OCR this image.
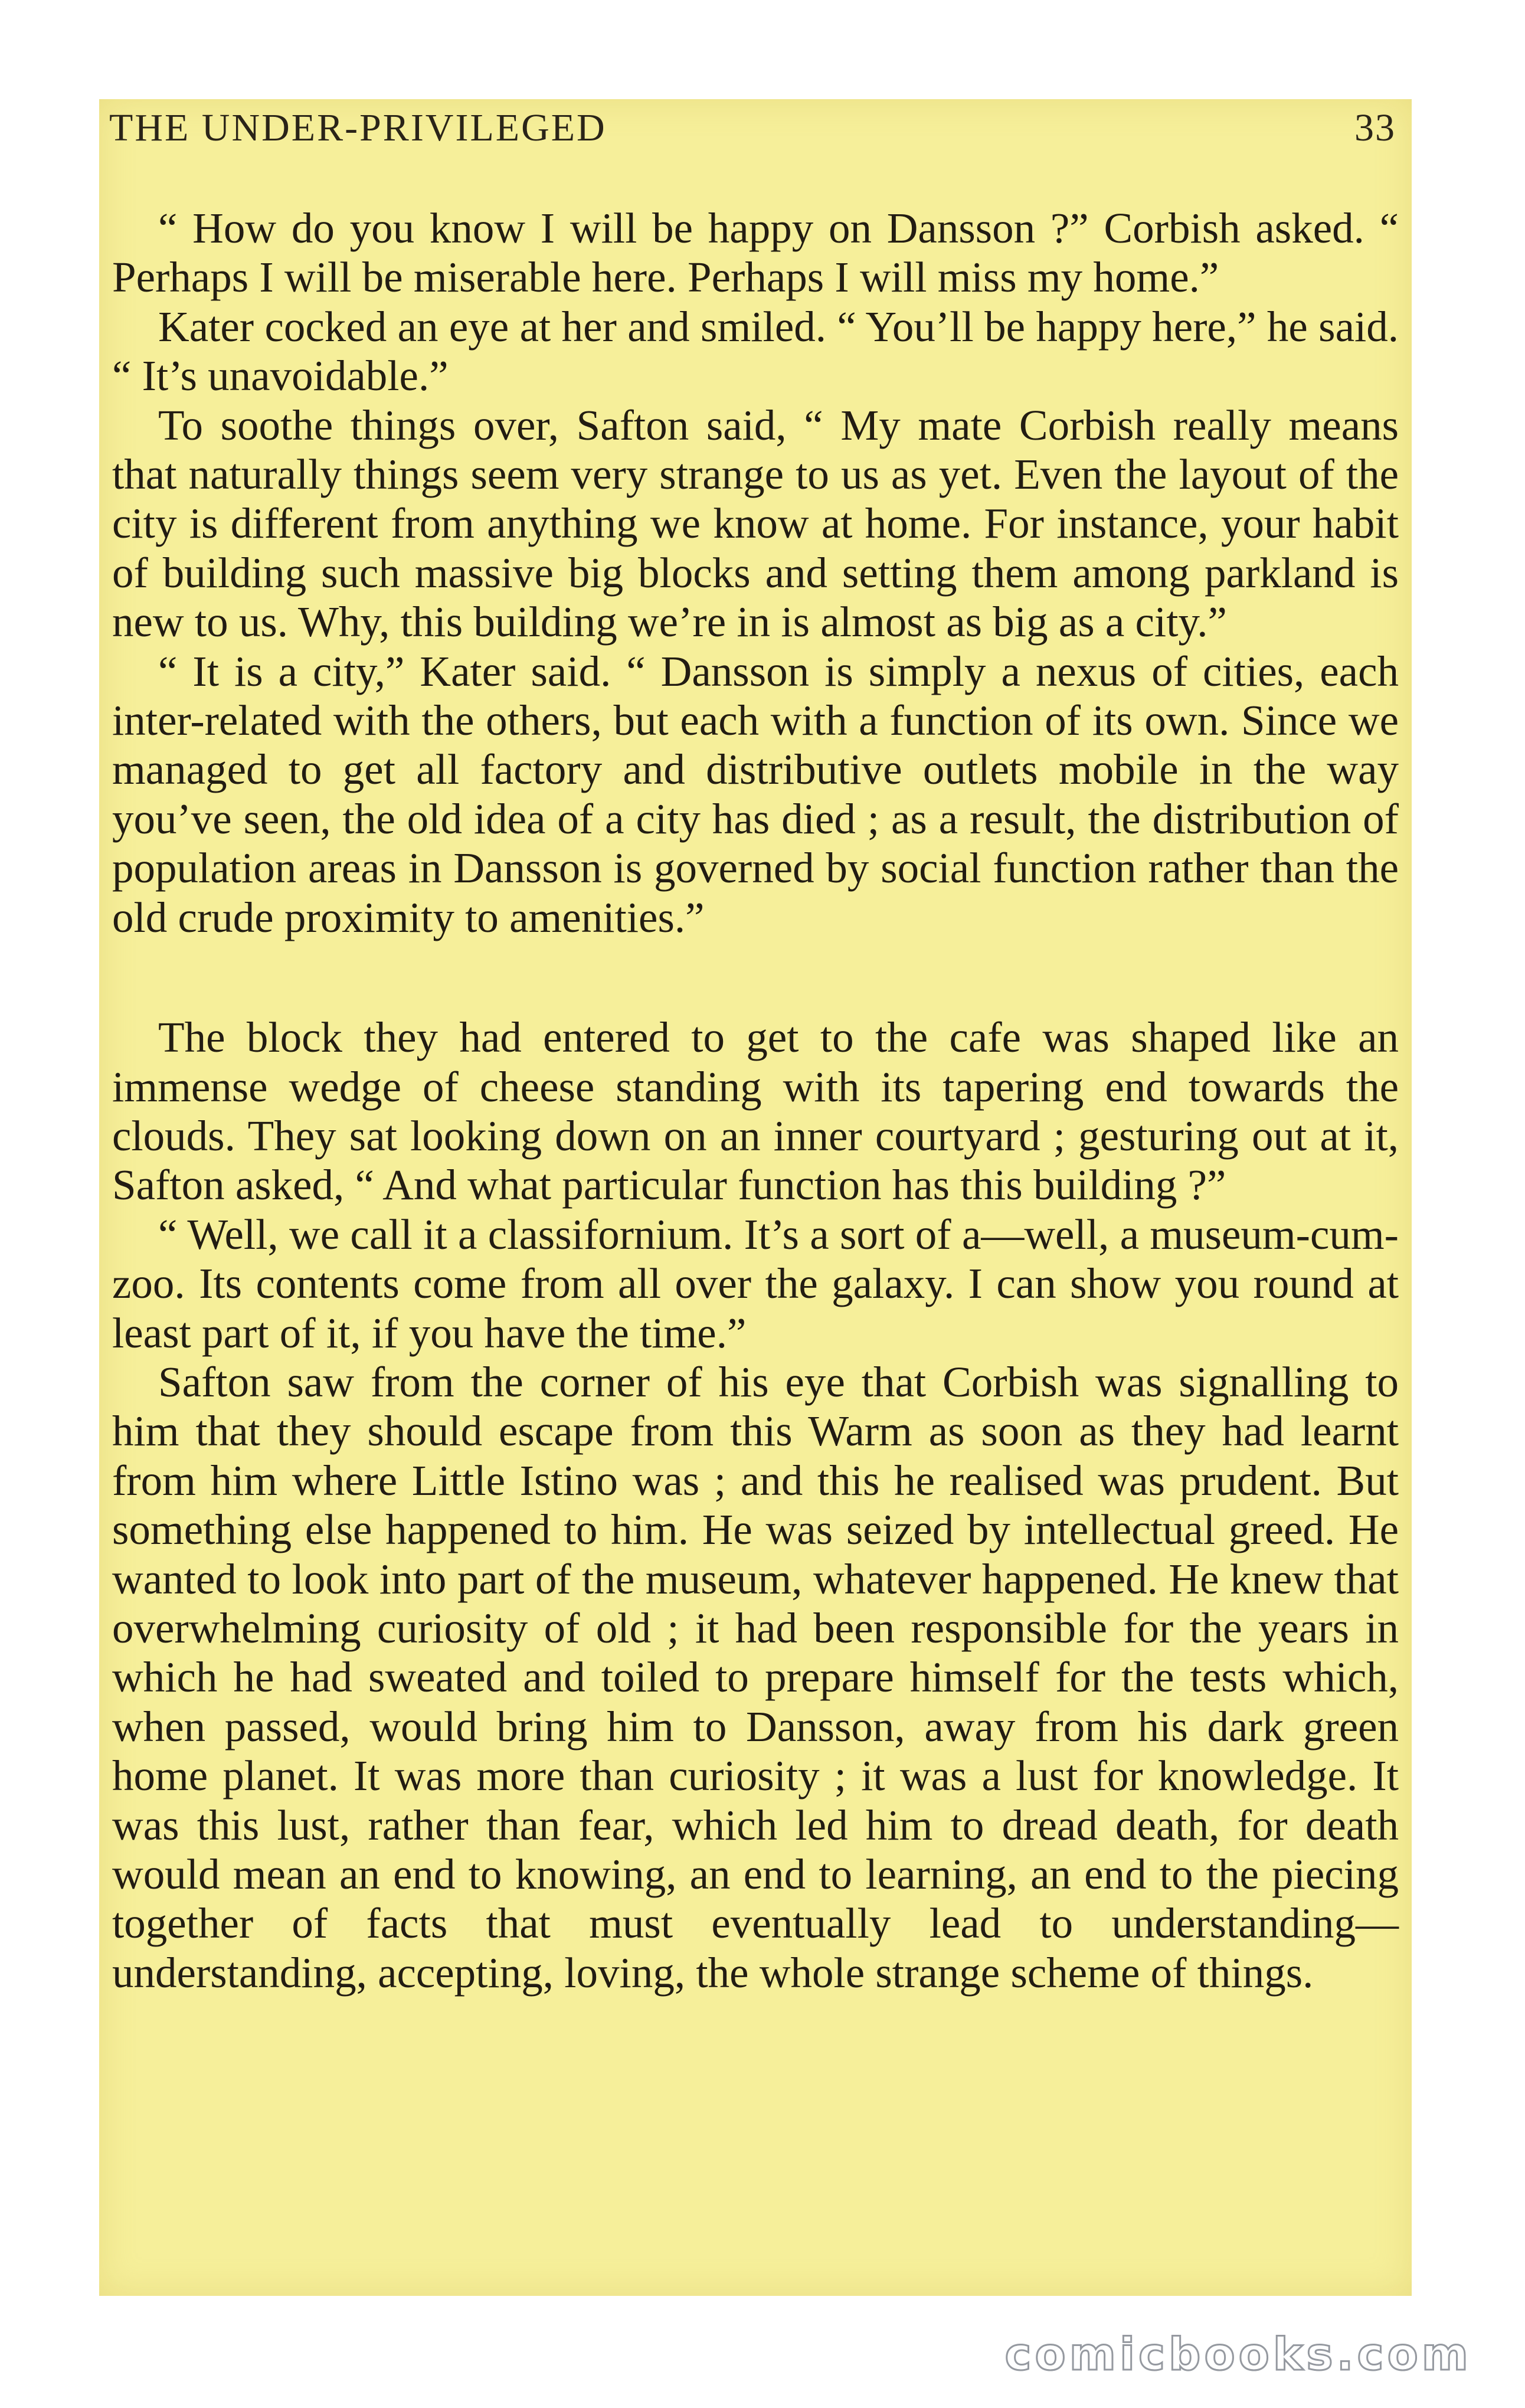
THE UNDER-PRIVILEGED	33

“ How do you know I will be happy on Dansson ?” Corbish asked. “ Perhaps I will be miserable here. Perhaps I will miss my home.”

Kater cocked an eye at her and smiled. “ You’ll be happy here,” he said. “ It’s unavoidable.”

To soothe things over, Safton said, “ My mate Corbish really means that naturally things seem very strange to us as yet. Even the layout of the city is different from anything we know at home. For instance, your habit of building such massive big blocks and setting them among parkland is new to us. Why, this building we’re in is almost as big as a city.”

“ It is a city,” Kater said. “ Dansson is simply a nexus of cities, each inter-related with the others, but each with a function of its own. Since we managed to get all factory and distributive outlets mobile in the way you’ve seen, the old idea of a city has died ; as a result, the distribution of population areas in Dansson is governed by social function rather than the old crude proximity to amenities.”

The block they had entered to get to the cafe was shaped like an immense wedge of cheese standing with its tapering end towards the clouds. They sat looking down on an inner courtyard ; gesturing out at it, Safton asked, “ And what particular function has this building ?”

“ Well, we call it a classifornium. It’s a sort of a—well, a museum-cum-zoo. Its contents come from all over the galaxy. I can show you round at least part of it, if you have the time.”

Safton saw from the corner of his eye that Corbish was signalling to him that they should escape from this Warm as soon as they had learnt from him where Little Istino was ; and this he realised was prudent. But something else happened to him. He was seized by intellectual greed. He wanted to look into part of the museum, whatever happened. He knew that overwhelming curiosity of old ; it had been responsible for the years in which he had sweated and toiled to prepare himself for the tests which, when passed, would bring him to Dansson, away from his dark green home planet. It was more than curiosity ; it was a lust for knowledge. It was this lust, rather than fear, which led him to dread death, for death would mean an end to knowing, an end to learning, an end to the piecing together of facts that must eventually lead to understanding—understanding, accepting, loving, the whole strange scheme of things.

comicbooks.com
